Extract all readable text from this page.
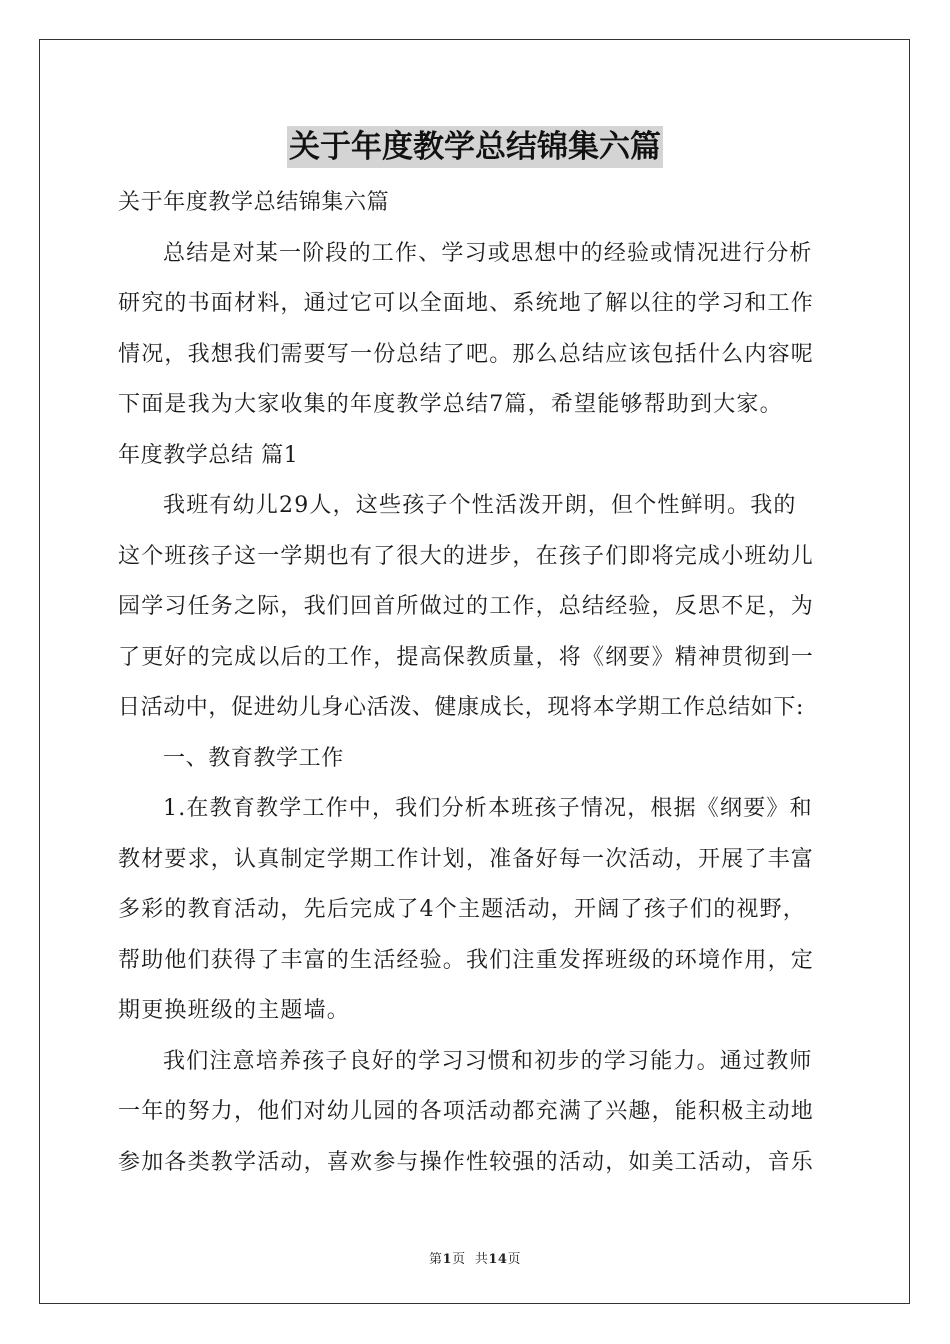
关于年度教学总结锦集六篇
关于年度教学总结锦集六篇
总结是对某一阶段的工作、学习或思想中的经验或情况进行分析
研究的书面材料，通过它可以全面地、系统地了解以往的学习和工作
情况，我想我们需要写一份总结了吧。那么总结应该包括什么内容呢
下面是我为大家收集的年度教学总结7篇，希望能够帮助到大家。
年度教学总结 篇1
我班有幼儿29人，这些孩子个性活泼开朗，但个性鲜明。我的
这个班孩子这一学期也有了很大的进步，在孩子们即将完成小班幼儿
园学习任务之际，我们回首所做过的工作，总结经验，反思不足，为
了更好的完成以后的工作，提高保教质量，将《纲要》精神贯彻到一
日活动中，促进幼儿身心活泼、健康成长，现将本学期工作总结如下:
一、教育教学工作
1.在教育教学工作中，我们分析本班孩子情况，根据《纲要》和
教材要求，认真制定学期工作计划，准备好每一次活动，开展了丰富
多彩的教育活动，先后完成了4个主题活动，开阔了孩子们的视野，
帮助他们获得了丰富的生活经验。我们注重发挥班级的环境作用，定
期更换班级的主题墙。
我们注意培养孩子良好的学习习惯和初步的学习能力。通过教师
一年的努力，他们对幼儿园的各项活动都充满了兴趣，能积极主动地
参加各类教学活动，喜欢参与操作性较强的活动，如美工活动，音乐
第1页  共14页
